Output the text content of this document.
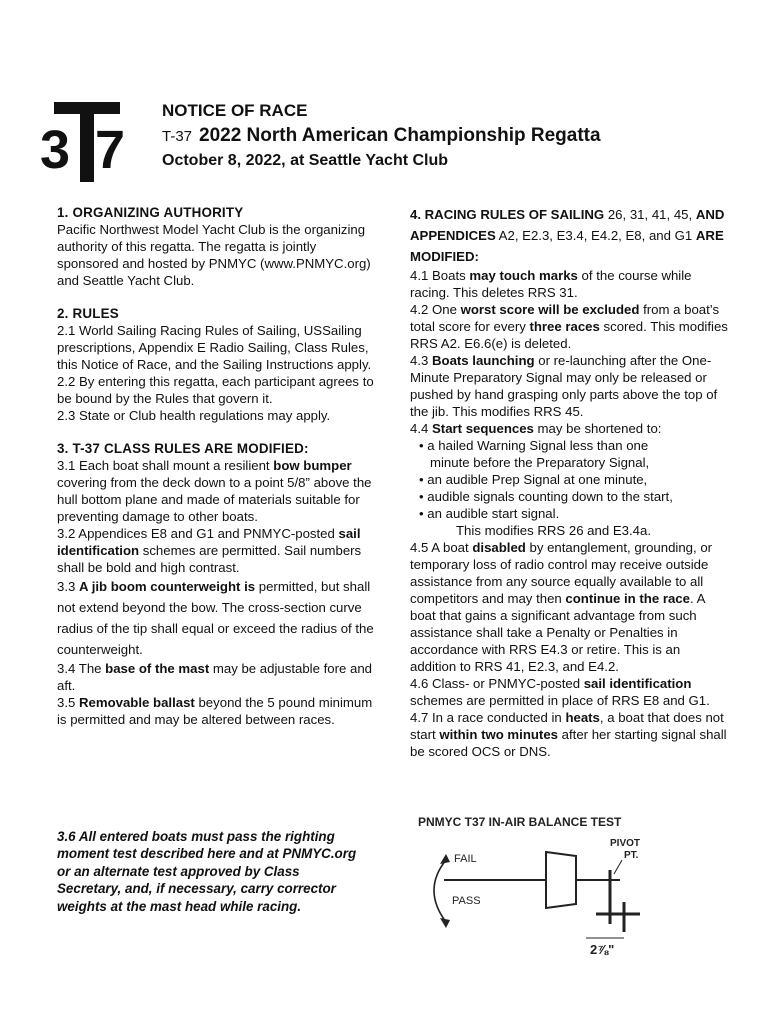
3 7
NOTICE OF RACE
T-37 2022 North American Championship Regatta
October 8, 2022, at Seattle Yacht Club

1. ORGANIZING AUTHORITY

Pacific Northwest Model Yacht Club is the organizing authority of this regatta. The regatta is jointly sponsored and hosted by PNMYC (www.PNMYC.org) and Seattle Yacht Club.

2. RULES

2.1 World Sailing Racing Rules of Sailing, USSailing prescriptions, Appendix E Radio Sailing, Class Rules, this Notice of Race, and the Sailing Instructions apply.

2.2 By entering this regatta, each participant agrees to be bound by the Rules that govern it.

2.3 State or Club health regulations may apply.

3. T-37 CLASS RULES ARE MODIFIED:

3.1 Each boat shall mount a resilient bow bumper covering from the deck down to a point 5/8” above the hull bottom plane and made of materials suitable for preventing damage to other boats.

3.2 Appendices E8 and G1 and PNMYC-posted sail identification schemes are permitted. Sail numbers shall be bold and high contrast.

3.3 A jib boom counterweight is permitted, but shall not extend beyond the bow. The cross-section curve radius of the tip shall equal or exceed the radius of the counterweight.

3.4 The base of the mast may be adjustable fore and aft.

3.5 Removable ballast beyond the 5 pound minimum is permitted and may be altered between races.

3.6 All entered boats must pass the righting moment test described here and at PNMYC.org or an alternate test approved by Class Secretary, and, if necessary, carry corrector weights at the mast head while racing.

4. RACING RULES OF SAILING 26, 31, 41, 45, AND APPENDICES A2, E2.3, E3.4, E4.2, E8, and G1 ARE MODIFIED:

4.1 Boats may touch marks of the course while racing. This deletes RRS 31.

4.2 One worst score will be excluded from a boat’s total score for every three races scored. This modifies RRS A2. E6.6(e) is deleted.

4.3 Boats launching or re-launching after the One-Minute Preparatory Signal may only be released or pushed by hand grasping only parts above the top of the jib. This modifies RRS 45.

4.4 Start sequences may be shortened to:

• a hailed Warning Signal less than one

minute before the Preparatory Signal,

• an audible Prep Signal at one minute,

• audible signals counting down to the start,

• an audible start signal.

This modifies RRS 26 and E3.4a.

4.5 A boat disabled by entanglement, grounding, or temporary loss of radio control may receive outside assistance from any source equally available to all competitors and may then continue in the race. A boat that gains a significant advantage from such assistance shall take a Penalty or Penalties in accordance with RRS E4.3 or retire. This is an addition to RRS 41, E2.3, and E4.2.

4.6 Class- or PNMYC-posted sail identification schemes are permitted in place of RRS E8 and G1.

4.7 In a race conducted in heats, a boat that does not start within two minutes after her starting signal shall be scored OCS or DNS.

PNMYC T37 IN-AIR BALANCE TEST
FAIL
PASS
PIVOT
PT.
2⅞"
